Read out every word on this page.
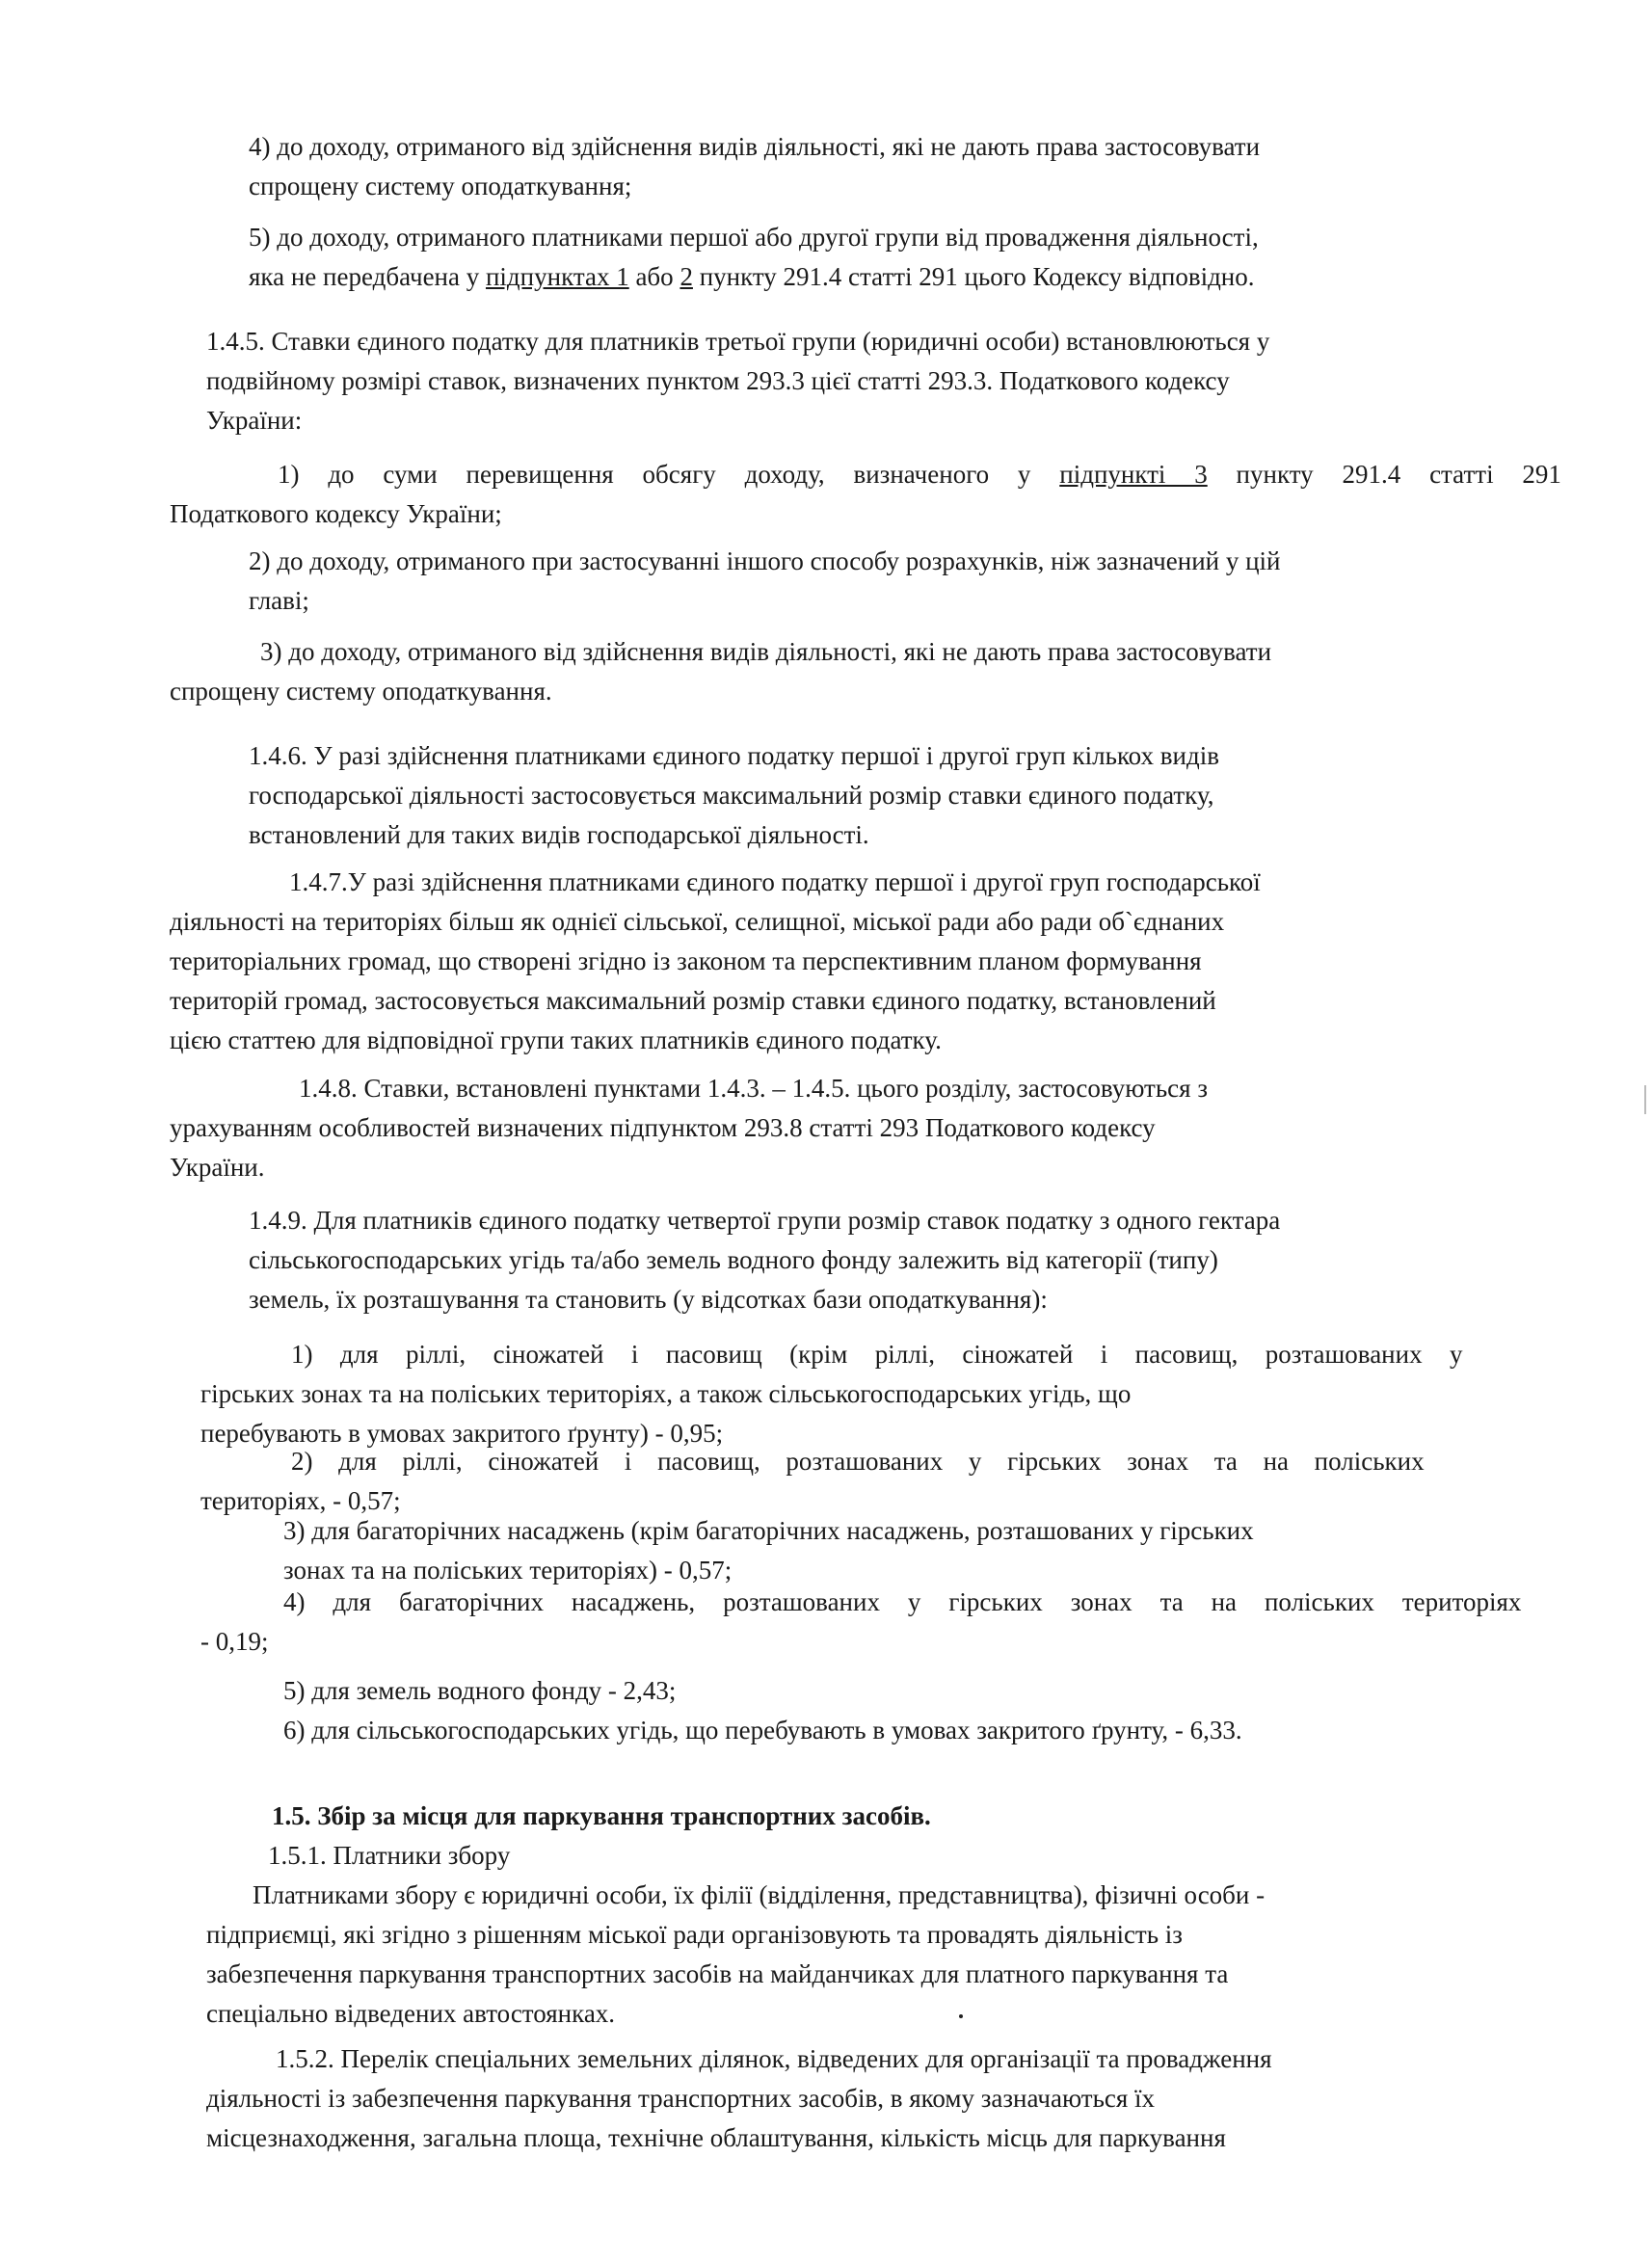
4) до доходу, отриманого від здійснення видів діяльності, які не дають права застосовувати
спрощену систему оподаткування;
5) до доходу, отриманого платниками першої або другої групи від провадження діяльності,
яка не передбачена у підпунктах 1 або 2 пункту 291.4 статті 291 цього Кодексу відповідно.
1.4.5. Ставки єдиного податку для платників третьої групи (юридичні особи) встановлюються у
подвійному розмірі ставок, визначених пунктом 293.3 цієї статті 293.3. Податкового кодексу
України:
1) до суми перевищення обсягу доходу, визначеного у підпункті 3 пункту 291.4 статті 291
Податкового кодексу України;
2) до доходу, отриманого при застосуванні іншого способу розрахунків, ніж зазначений у цій
главі;
3) до доходу, отриманого від здійснення видів діяльності, які не дають права застосовувати
спрощену систему оподаткування.
1.4.6. У разі здійснення платниками єдиного податку першої і другої груп кількох видів
господарської діяльності застосовується максимальний розмір ставки єдиного податку,
встановлений для таких видів господарської діяльності.
1.4.7.У разі здійснення платниками єдиного податку першої і другої груп господарської
діяльності на територіях більш як однієї сільської, селищної, міської ради або ради об`єднаних
територіальних громад, що створені згідно із законом та перспективним планом формування
територій громад, застосовується максимальний розмір ставки єдиного податку, встановлений
цією статтею для відповідної групи таких платників єдиного податку.
1.4.8. Ставки, встановлені пунктами 1.4.3. – 1.4.5. цього розділу, застосовуються з
урахуванням особливостей визначених підпунктом 293.8 статті 293 Податкового кодексу
України.
1.4.9. Для платників єдиного податку четвертої групи розмір ставок податку з одного гектара
сільськогосподарських угідь та/або земель водного фонду залежить від категорії (типу)
земель, їх розташування та становить (у відсотках бази оподаткування):
1) для ріллі, сіножатей і пасовищ (крім ріллі, сіножатей і пасовищ, розташованих у
гірських зонах та на поліських територіях, а також сільськогосподарських угідь, що
перебувають в умовах закритого ґрунту) - 0,95;
2) для ріллі, сіножатей і пасовищ, розташованих у гірських зонах та на поліських
територіях, - 0,57;
3) для багаторічних насаджень (крім багаторічних насаджень, розташованих у гірських
зонах та на поліських територіях) - 0,57;
4) для багаторічних насаджень, розташованих у гірських зонах та на поліських територіях
- 0,19;
5) для земель водного фонду - 2,43;
6) для сільськогосподарських угідь, що перебувають в умовах закритого ґрунту, - 6,33.
1.5. Збір за місця для паркування транспортних засобів.
1.5.1. Платники збору
Платниками збору є юридичні особи, їх філії (відділення, представництва), фізичні особи -
підприємці, які згідно з рішенням міської ради організовують та провадять діяльність із
забезпечення паркування транспортних засобів на майданчиках для платного паркування та
спеціально відведених автостоянках.
1.5.2. Перелік спеціальних земельних ділянок, відведених для організації та провадження
діяльності із забезпечення паркування транспортних засобів, в якому зазначаються їх
місцезнаходження, загальна площа, технічне облаштування, кількість місць для паркування
